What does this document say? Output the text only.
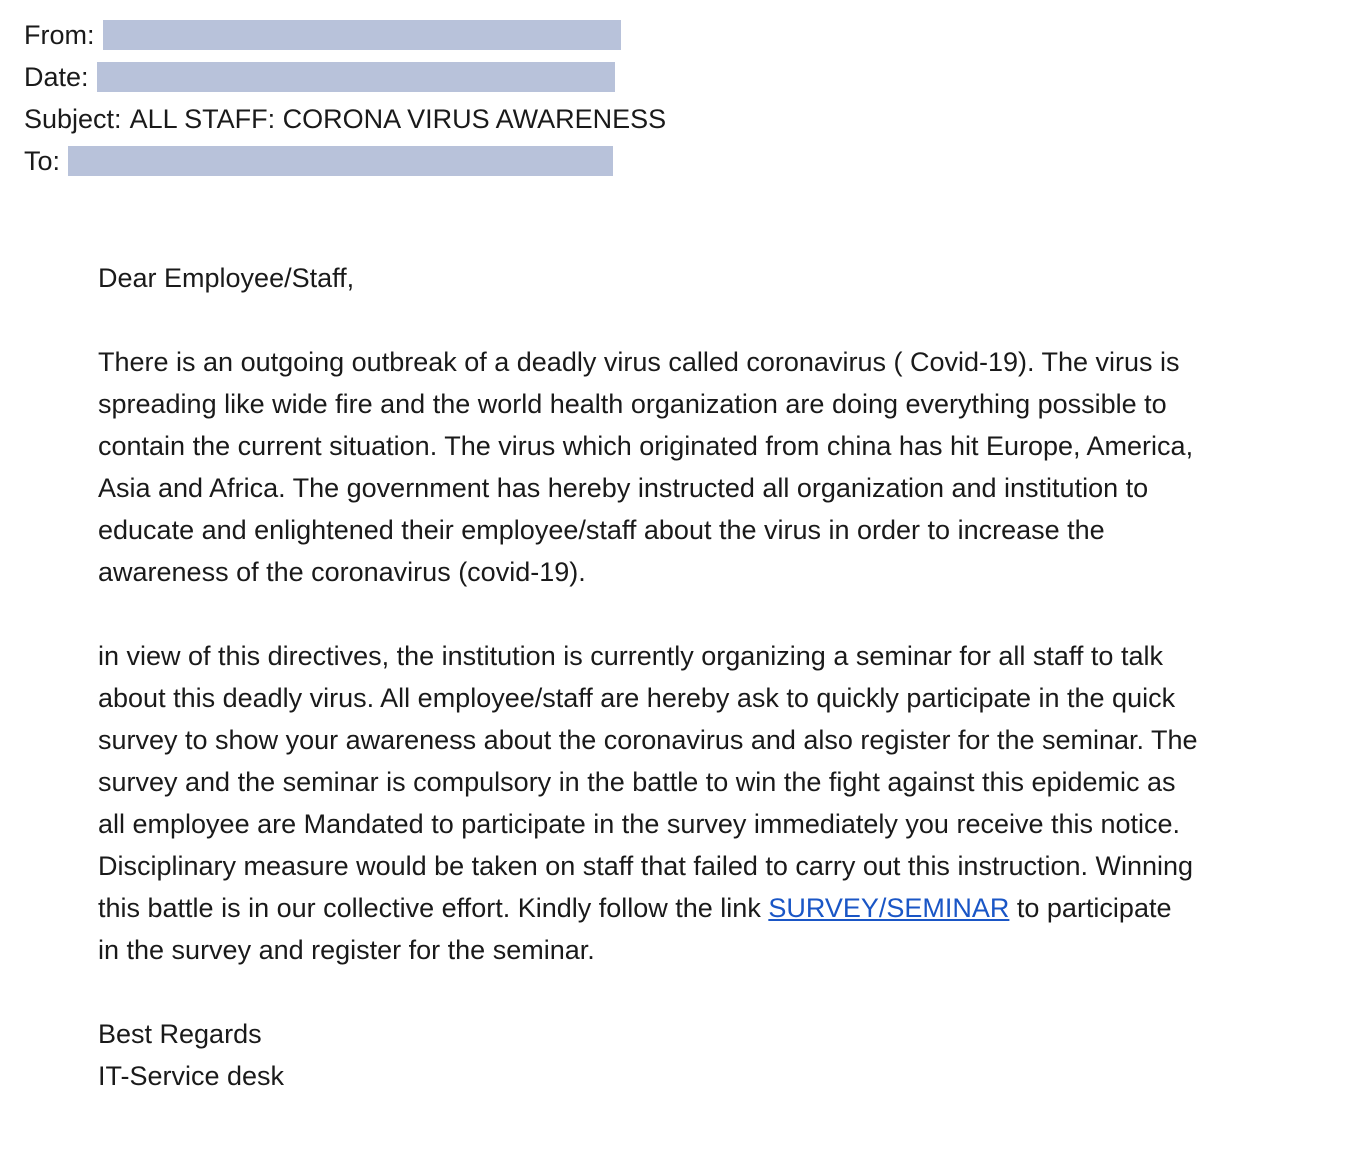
From:
Date:
Subject: ALL STAFF: CORONA VIRUS AWARENESS
To:
Dear Employee/Staff,
There is an outgoing outbreak of a deadly virus called coronavirus ( Covid-19). The virus is
spreading like wide fire and the world health organization are doing everything possible to
contain the current situation. The virus which originated from china has hit Europe, America,
Asia and Africa. The government has hereby instructed all organization and institution to
educate and enlightened their employee/staff about the virus in order to increase the
awareness of the coronavirus (covid-19).
in view of this directives, the institution is currently organizing a seminar for all staff to talk
about this deadly virus. All employee/staff are hereby ask to quickly participate in the quick
survey to show your awareness about the coronavirus and also register for the seminar. The
survey and the seminar is compulsory in the battle to win the fight against this epidemic as
all employee are Mandated to participate in the survey immediately you receive this notice.
Disciplinary measure would be taken on staff that failed to carry out this instruction. Winning
this battle is in our collective effort. Kindly follow the link SURVEY/SEMINAR to participate
in the survey and register for the seminar.
Best Regards
IT-Service desk
